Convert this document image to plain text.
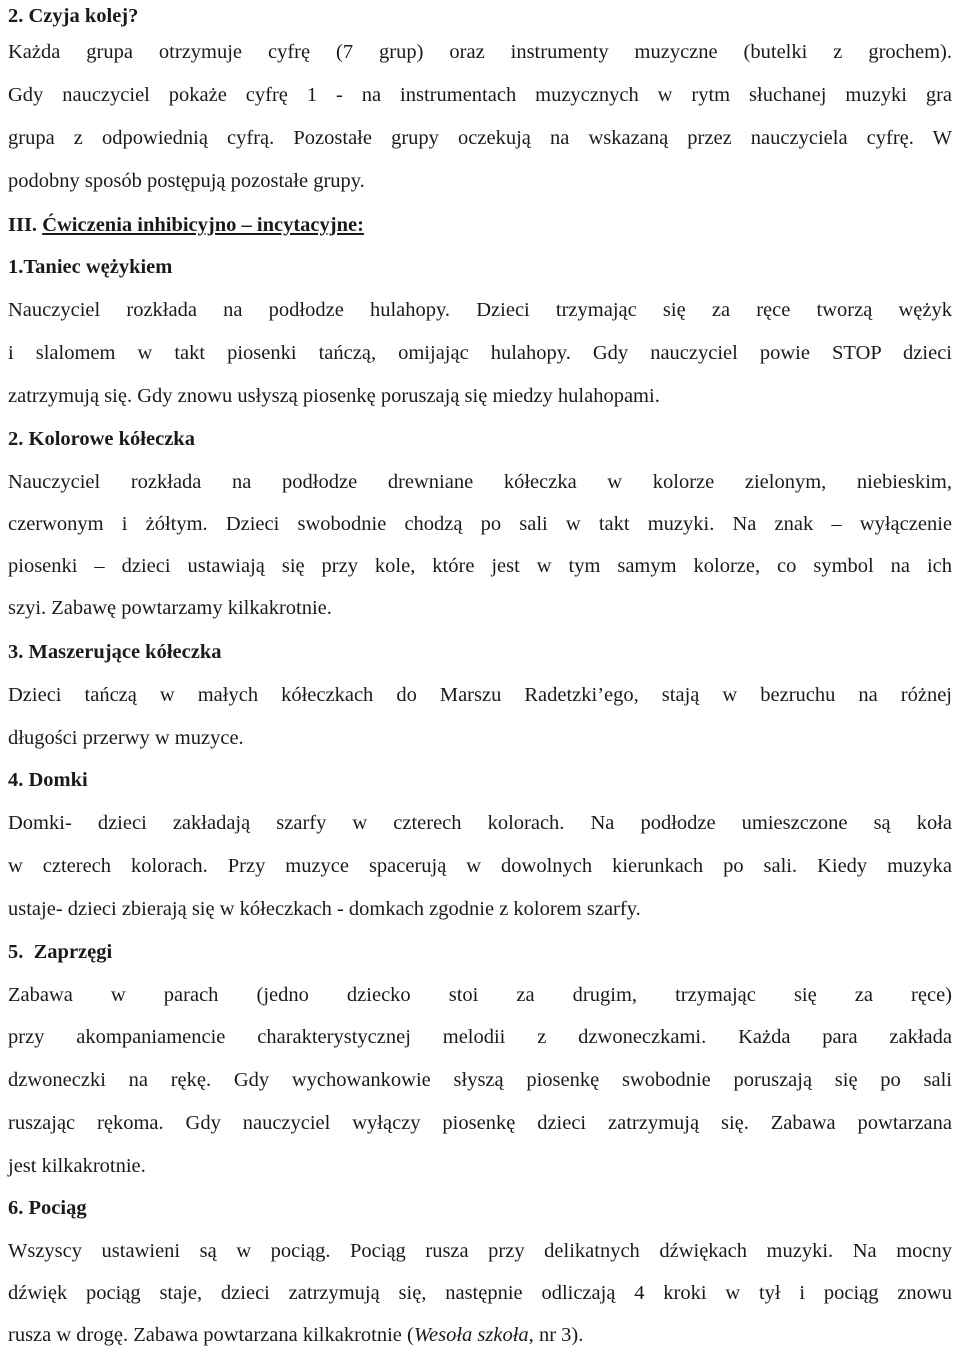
2. Czyja kolej?
Każda grupa otrzymuje cyfrę (7 grup) oraz instrumenty muzyczne (butelki z grochem).
Gdy nauczyciel pokaże cyfrę 1 - na instrumentach muzycznych w rytm słuchanej muzyki gra
grupa z odpowiednią cyfrą. Pozostałe grupy oczekują na wskazaną przez nauczyciela cyfrę. W
podobny sposób postępują pozostałe grupy.
III. Ćwiczenia inhibicyjno – incytacyjne:
1.Taniec wężykiem
Nauczyciel rozkłada na podłodze hulahopy. Dzieci trzymając się za ręce tworzą wężyk
i slalomem w takt piosenki tańczą, omijając hulahopy. Gdy nauczyciel powie STOP dzieci
zatrzymują się. Gdy znowu usłyszą piosenkę poruszają się miedzy hulahopami.
2. Kolorowe kółeczka
Nauczyciel rozkłada na podłodze drewniane kółeczka w kolorze zielonym, niebieskim,
czerwonym i żółtym. Dzieci swobodnie chodzą po sali w takt muzyki. Na znak – wyłączenie
piosenki – dzieci ustawiają się przy kole, które jest w tym samym kolorze, co symbol na ich
szyi. Zabawę powtarzamy kilkakrotnie.
3. Maszerujące kółeczka
Dzieci tańczą w małych kółeczkach do Marszu Radetzki’ego, stają w bezruchu na różnej
długości przerwy w muzyce.
4. Domki
Domki- dzieci zakładają szarfy w czterech kolorach. Na podłodze umieszczone są koła
w czterech kolorach. Przy muzyce spacerują w dowolnych kierunkach po sali. Kiedy muzyka
ustaje- dzieci zbierają się w kółeczkach - domkach zgodnie z kolorem szarfy.
5. Zaprzęgi
Zabawa w parach (jedno dziecko stoi za drugim, trzymając się za ręce)
przy akompaniamencie charakterystycznej melodii z dzwoneczkami. Każda para zakłada
dzwoneczki na rękę. Gdy wychowankowie słyszą piosenkę swobodnie poruszają się po sali
ruszając rękoma. Gdy nauczyciel wyłączy piosenkę dzieci zatrzymują się. Zabawa powtarzana
jest kilkakrotnie.
6. Pociąg
Wszyscy ustawieni są w pociąg. Pociąg rusza przy delikatnych dźwiękach muzyki. Na mocny
dźwięk pociąg staje, dzieci zatrzymują się, następnie odliczają 4 kroki w tył i pociąg znowu
rusza w drogę. Zabawa powtarzana kilkakrotnie (Wesoła szkoła, nr 3).
